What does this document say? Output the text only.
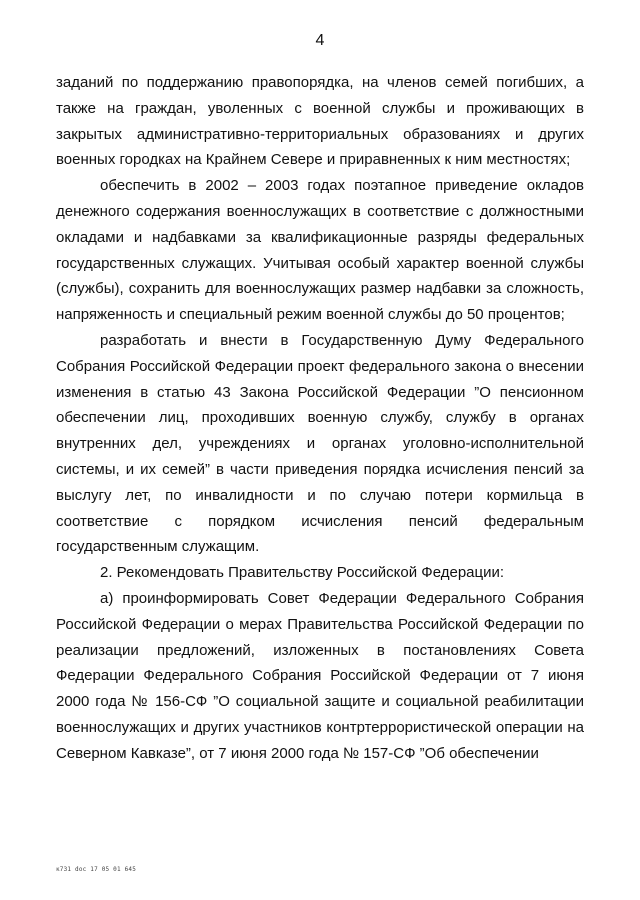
4

заданий по поддержанию правопорядка, на членов семей погибших, а также на граждан, уволенных с военной службы и проживающих в закрытых административно-территориальных образованиях и других военных городках на Крайнем Севере и приравненных к ним местностях;

обеспечить в 2002 – 2003 годах поэтапное приведение окладов денежного содержания военнослужащих в соответствие с должностными окладами и надбавками за квалификационные разряды федеральных государственных служащих. Учитывая особый характер военной службы (службы), сохранить для военнослужащих размер надбавки за сложность, напряженность и специальный режим военной службы до 50 процентов;

разработать и внести в Государственную Думу Федерального Собрания Российской Федерации проект федерального закона о внесении изменения в статью 43 Закона Российской Федерации ”О пенсионном обеспечении лиц, проходивших военную службу, службу в органах внутренних дел, учреждениях и органах уголовно-исполнительной системы, и их семей” в части приведения порядка исчисления пенсий за выслугу лет, по инвалидности и по случаю потери кормильца в соответствие с порядком исчисления пенсий федеральным государственным служащим.

2. Рекомендовать Правительству Российской Федерации:

а) проинформировать Совет Федерации Федерального Собрания Российской Федерации о мерах Правительства Российской Федерации по реализации предложений, изложенных в постановлениях Совета Федерации Федерального Собрания Российской Федерации от 7 июня 2000 года № 156-СФ ”О социальной защите и социальной реабилитации военнослужащих и других участников контртеррористической операции на Северном Кавказе”, от 7 июня 2000 года № 157-СФ ”Об обеспечении

к731 doc 17 05 01 645
